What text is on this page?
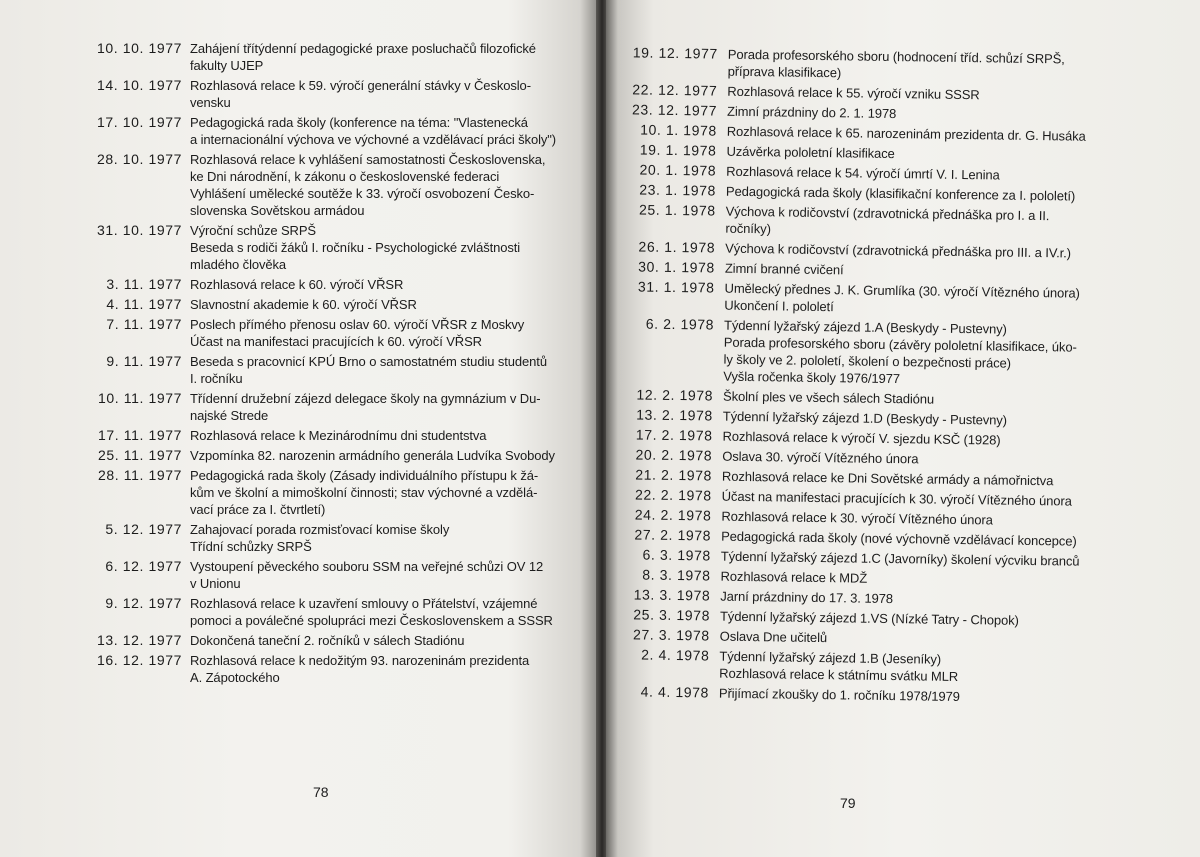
10. 10. 1977 Zahájení třítýdenní pedagogické praxe posluchačů filozofické
fakulty UJEP
14. 10. 1977 Rozhlasová relace k 59. výročí generální stávky v Českoslo-
vensku
17. 10. 1977 Pedagogická rada školy (konference na téma: "Vlastenecká
a internacionální výchova ve výchovné a vzdělávací práci školy")
28. 10. 1977 Rozhlasová relace k vyhlášení samostatnosti Československa,
ke Dni národnění, k zákonu o československé federaci
Vyhlášení umělecké soutěže k 33. výročí osvobození Česko-
slovenska Sovětskou armádou
31. 10. 1977 Výroční schůze SRPŠ
Beseda s rodiči žáků I. ročníku - Psychologické zvláštnosti
mladého člověka
3. 11. 1977 Rozhlasová relace k 60. výročí VŘSR
4. 11. 1977 Slavnostní akademie k 60. výročí VŘSR
7. 11. 1977 Poslech přímého přenosu oslav 60. výročí VŘSR z Moskvy
Účast na manifestaci pracujících k 60. výročí VŘSR
9. 11. 1977 Beseda s pracovnicí KPÚ Brno o samostatném studiu studentů
I. ročníku
10. 11. 1977 Třídenní družební zájezd delegace školy na gymnázium v Du-
najské Strede
17. 11. 1977 Rozhlasová relace k Mezinárodnímu dni studentstva
25. 11. 1977 Vzpomínka 82. narozenin armádního generála Ludvíka Svobody
28. 11. 1977 Pedagogická rada školy (Zásady individuálního přístupu k žá-
kům ve školní a mimoškolní činnosti; stav výchovné a vzdělá-
vací práce za I. čtvrtletí)
5. 12. 1977 Zahajovací porada rozmisťovací komise školy
Třídní schůzky SRPŠ
6. 12. 1977 Vystoupení pěveckého souboru SSM na veřejné schůzi OV 12
v Unionu
9. 12. 1977 Rozhlasová relace k uzavření smlouvy o Přátelství, vzájemné
pomoci a poválečné spolupráci mezi Československem a SSSR
13. 12. 1977 Dokončená taneční 2. ročníků v sálech Stadiónu
16. 12. 1977 Rozhlasová relace k nedožitým 93. narozeninám prezidenta
A. Zápotockého
78
19. 12. 1977 Porada profesorského sboru (hodnocení tříd. schůzí SRPŠ,
příprava klasifikace)
22. 12. 1977 Rozhlasová relace k 55. výročí vzniku SSSR
23. 12. 1977 Zimní prázdniny do 2. 1. 1978
10. 1. 1978 Rozhlasová relace k 65. narozeninám prezidenta dr. G. Husáka
19. 1. 1978 Uzávěrka pololetní klasifikace
20. 1. 1978 Rozhlasová relace k 54. výročí úmrtí V. I. Lenina
23. 1. 1978 Pedagogická rada školy (klasifikační konference za I. pololetí)
25. 1. 1978 Výchova k rodičovství (zdravotnická přednáška pro I. a II.
ročníky)
26. 1. 1978 Výchova k rodičovství (zdravotnická přednáška pro III. a IV.r.)
30. 1. 1978 Zimní branné cvičení
31. 1. 1978 Umělecký přednes J. K. Grumlíka (30. výročí Vítězného února)
Ukončení I. pololetí
6. 2. 1978 Týdenní lyžařský zájezd 1.A (Beskydy - Pustevny)
Porada profesorského sboru (závěry pololetní klasifikace, úko-
ly školy ve 2. pololetí, školení o bezpečnosti práce)
Vyšla ročenka školy 1976/1977
12. 2. 1978 Školní ples ve všech sálech Stadiónu
13. 2. 1978 Týdenní lyžařský zájezd 1.D (Beskydy - Pustevny)
17. 2. 1978 Rozhlasová relace k výročí V. sjezdu KSČ (1928)
20. 2. 1978 Oslava 30. výročí Vítězného února
21. 2. 1978 Rozhlasová relace ke Dni Sovětské armády a námořnictva
22. 2. 1978 Účast na manifestaci pracujících k 30. výročí Vítězného února
24. 2. 1978 Rozhlasová relace k 30. výročí Vítězného února
27. 2. 1978 Pedagogická rada školy (nové výchovně vzdělávací koncepce)
6. 3. 1978 Týdenní lyžařský zájezd 1.C (Javorníky) školení výcviku branců
8. 3. 1978 Rozhlasová relace k MDŽ
13. 3. 1978 Jarní prázdniny do 17. 3. 1978
25. 3. 1978 Týdenní lyžařský zájezd 1.VS (Nízké Tatry - Chopok)
27. 3. 1978 Oslava Dne učitelů
2. 4. 1978 Týdenní lyžařský zájezd 1.B (Jeseníky)
Rozhlasová relace k státnímu svátku MLR
4. 4. 1978 Přijímací zkoušky do 1. ročníku 1978/1979
79
